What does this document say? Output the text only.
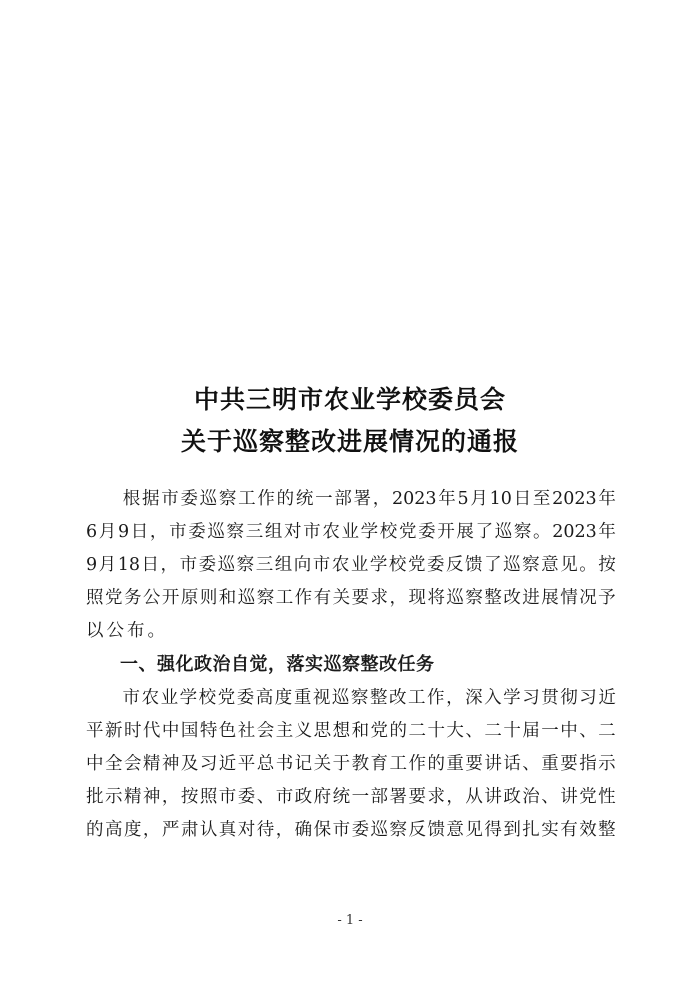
中共三明市农业学校委员会
关于巡察整改进展情况的通报

根 据 市 委 巡 察 工 作 的 统 一 部 署 ， 2023 年 5 月 10 日 至 2023 年
6 月 9 日 ， 市 委 巡 察 三 组 对 市 农 业 学 校 党 委 开 展 了 巡 察 。 2023 年
9 月 18 日 ， 市 委 巡 察 三 组 向 市 农 业 学 校 党 委 反 馈 了 巡 察 意 见 。 按
照 党 务 公 开 原 则 和 巡 察 工 作 有 关 要 求 ， 现 将 巡 察 整 改 进 展 情 况 予
以公布。
一、强化政治自觉，落实巡察整改任务

市 农 业 学 校 党 委 高 度 重 视 巡 察 整 改 工 作 ， 深 入 学 习 贯 彻 习 近
平 新 时 代 中 国 特 色 社 会 主 义 思 想 和 党 的 二 十 大 、 二 十 届 一 中 、 二
中 全 会 精 神 及 习 近 平 总 书 记 关 于 教 育 工 作 的 重 要 讲 话 、 重 要 指 示
批 示 精 神 ， 按 照 市 委 、 市 政 府 统 一 部 署 要 求 ， 从 讲 政 治 、 讲 党 性
的 高 度 ， 严 肃 认 真 对 待 ， 确 保 市 委 巡 察 反 馈 意 见 得 到 扎 实 有 效 整
- 1 -
